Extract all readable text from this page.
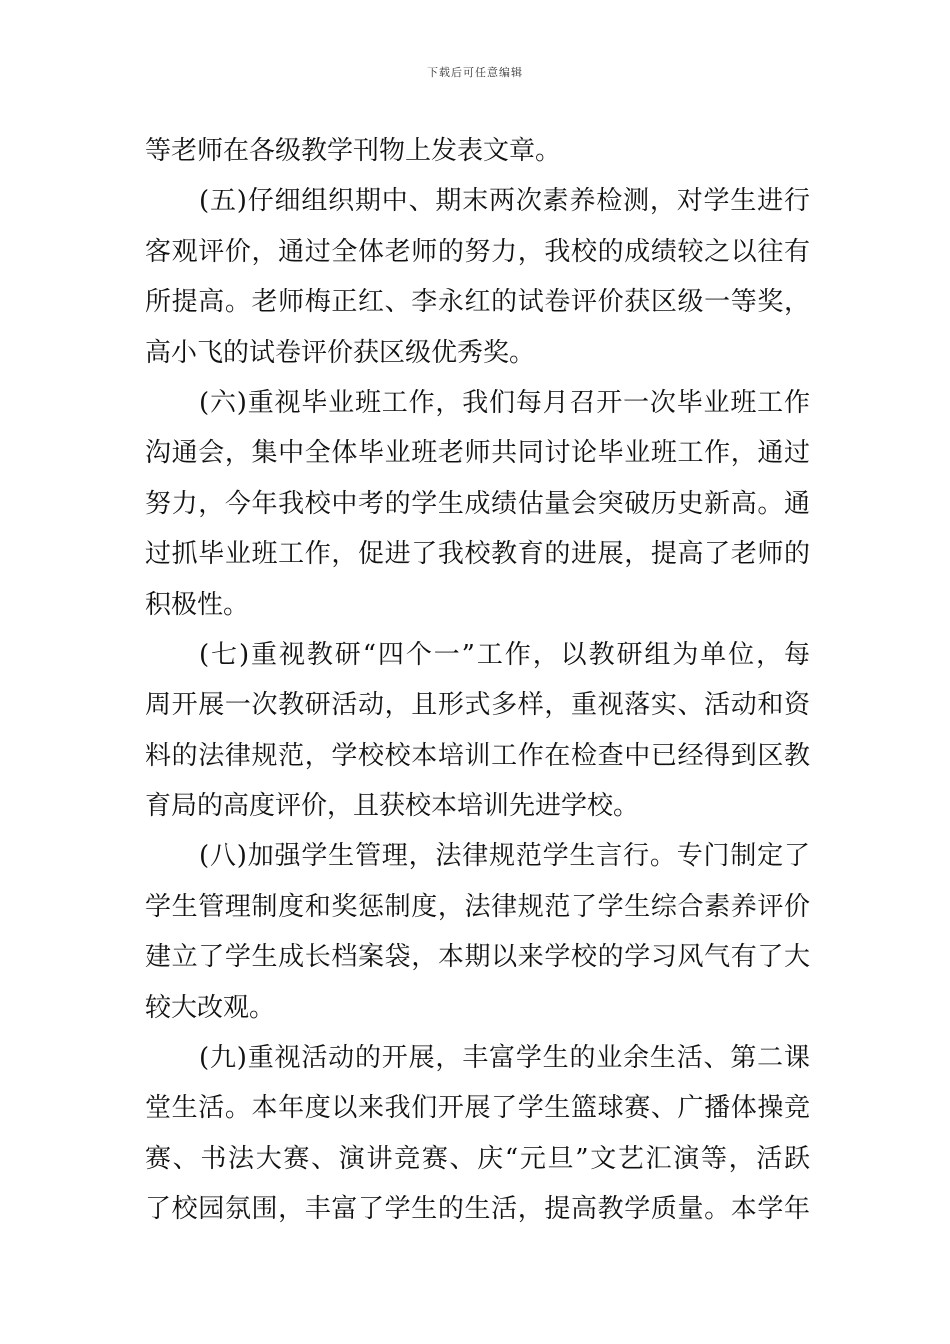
下载后可任意编辑
等老师在各级教学刊物上发表文章。
(五)仔细组织期中、期末两次素养检测，对学生进行
客观评价，通过全体老师的努力，我校的成绩较之以往有
所提高。老师梅正红、李永红的试卷评价获区级一等奖，
高小飞的试卷评价获区级优秀奖。
(六)重视毕业班工作，我们每月召开一次毕业班工作
沟通会，集中全体毕业班老师共同讨论毕业班工作，通过
努力，今年我校中考的学生成绩估量会突破历史新高。通
过抓毕业班工作，促进了我校教育的进展，提高了老师的
积极性。
(七)重视教研“四个一”工作，以教研组为单位，每
周开展一次教研活动，且形式多样，重视落实、活动和资
料的法律规范，学校校本培训工作在检查中已经得到区教
育局的高度评价，且获校本培训先进学校。
(八)加强学生管理，法律规范学生言行。专门制定了
学生管理制度和奖惩制度，法律规范了学生综合素养评价
建立了学生成长档案袋，本期以来学校的学习风气有了大
较大改观。
(九)重视活动的开展，丰富学生的业余生活、第二课
堂生活。本年度以来我们开展了学生篮球赛、广播体操竞
赛、书法大赛、演讲竞赛、庆“元旦”文艺汇演等，活跃
了校园氛围，丰富了学生的生活，提高教学质量。本学年
